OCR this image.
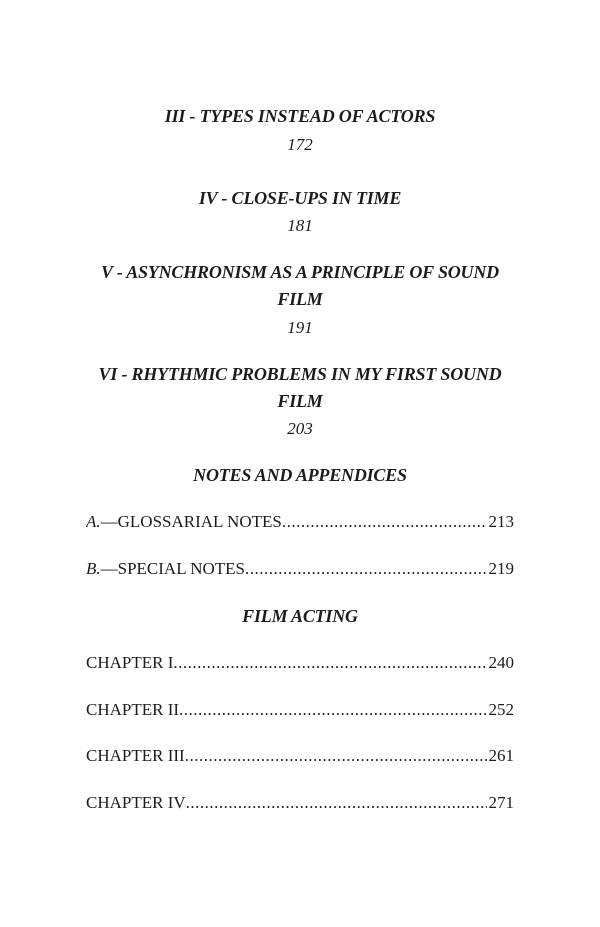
III - TYPES INSTEAD OF ACTORS
172
IV - CLOSE-UPS IN TIME
181
V - ASYNCHRONISM AS A PRINCIPLE OF SOUND
FILM
191
VI - RHYTHMIC PROBLEMS IN MY FIRST SOUND
FILM
203
NOTES AND APPENDICES
A.—GLOSSARIAL NOTES .....	213
B.—SPECIAL NOTES .....	219
FILM ACTING
CHAPTER I .....	240
CHAPTER II .....	252
CHAPTER III .....	261
CHAPTER IV .....	271
